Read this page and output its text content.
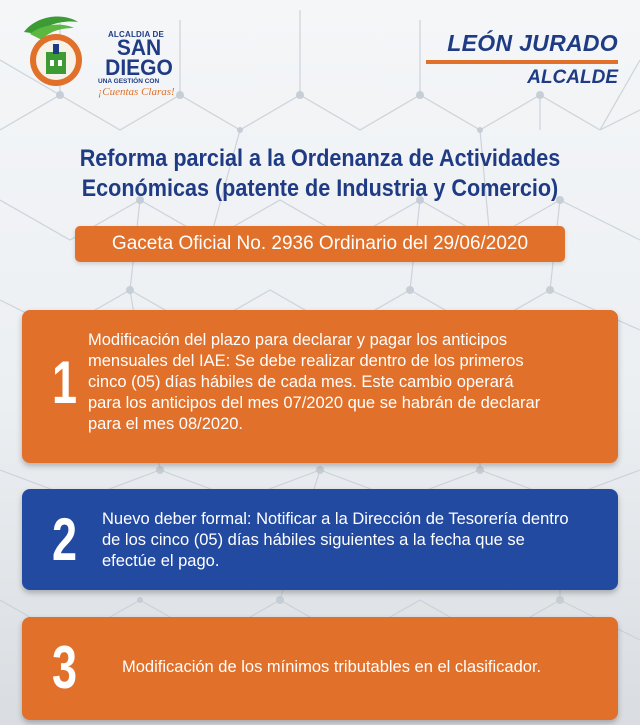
ALCALDIA DE
SAN
DIEGO
UNA GESTIÓN CON
¡Cuentas Claras!
LEÓN JURADO
ALCALDE
Reforma parcial a la Ordenanza de Actividades Económicas (patente de Industria y Comercio)
Gaceta Oficial No. 2936 Ordinario del 29/06/2020
1
Modificación del plazo para declarar y pagar los anticipos mensuales del IAE: Se debe realizar dentro de los primeros cinco (05) días hábiles de cada mes. Este cambio operará para los anticipos del mes 07/2020 que se habrán de declarar para el mes 08/2020.
2 Nuevo deber formal: Notificar a la Dirección de Tesorería dentro de los cinco (05) días hábiles siguientes a la fecha que se efectúe el pago.
3	Modificación de los mínimos tributables en el clasificador.
